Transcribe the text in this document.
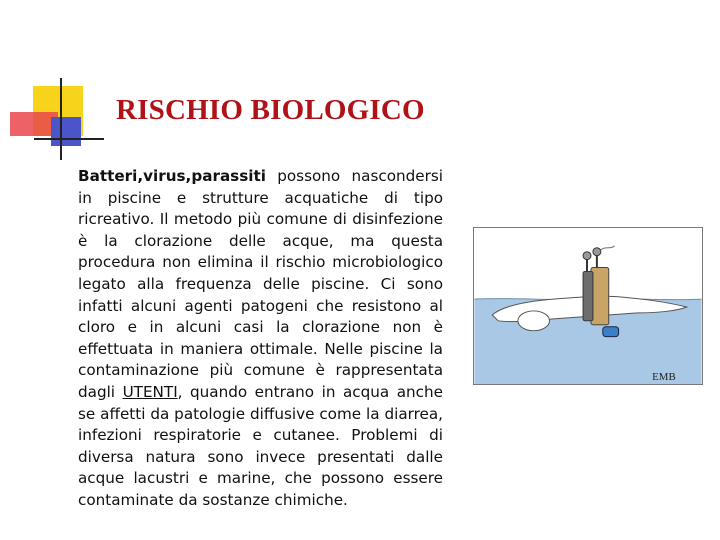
RISCHIO BIOLOGICO

Batteri,virus,parassiti possono nascondersi in piscine e strutture acquatiche di tipo ricreativo. Il metodo più comune di disinfezione è la clorazione delle acque, ma questa procedura non elimina il rischio microbiologico legato alla frequenza delle piscine. Ci sono infatti alcuni agenti patogeni che resistono al cloro e in alcuni casi la clorazione non è effettuata in maniera ottimale. Nelle piscine la contaminazione più comune è rappresentata dagli UTENTI, quando entrano in acqua anche se affetti da patologie diffusive come la diarrea, infezioni respiratorie e cutanee. Problemi di diversa natura sono invece presentati dalle acque lacustri e marine, che possono essere contaminate da sostanze chimiche.

EMB
